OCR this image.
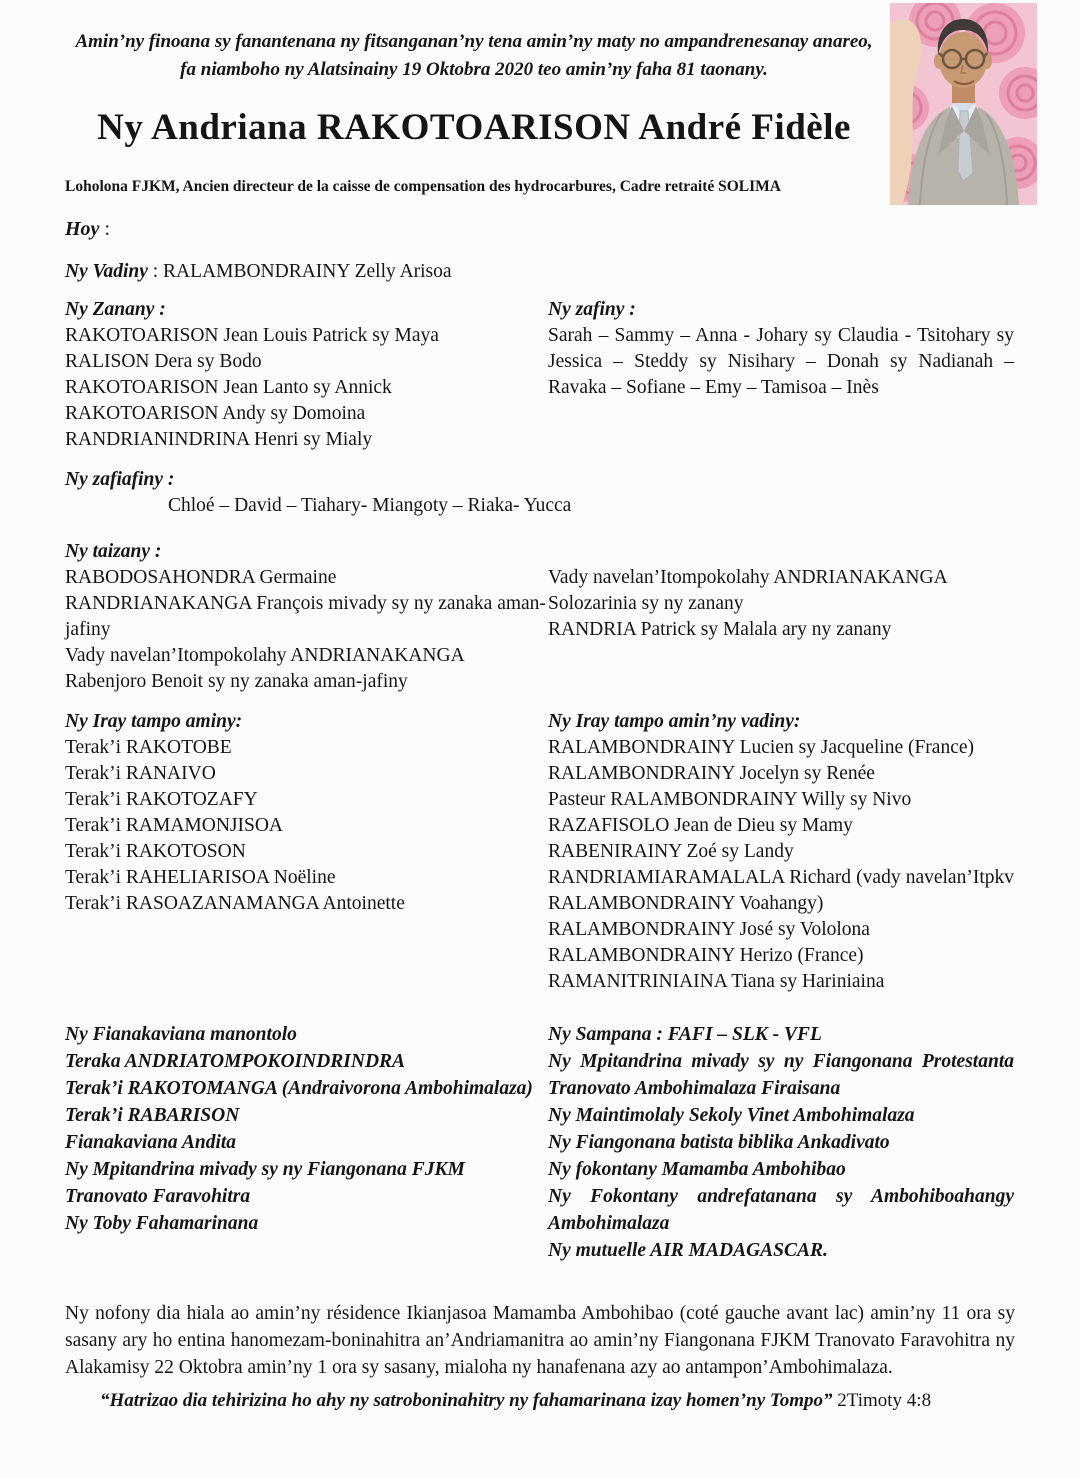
Amin’ny finoana sy fanantenana ny fitsanganan’ny tena amin’ny maty no ampandrenesanay anareo,
fa niamboho ny Alatsinainy 19 Oktobra 2020 teo amin’ny faha 81 taonany.
Ny Andriana RAKOTOARISON André Fidèle
Loholona FJKM, Ancien directeur de la caisse de compensation des hydrocarbures, Cadre retraité SOLIMA
Hoy :
Ny Vadiny : RALAMBONDRAINY Zelly Arisoa
Ny Zanany :
RAKOTOARISON Jean Louis Patrick sy Maya
RALISON Dera sy Bodo
RAKOTOARISON Jean Lanto sy Annick
RAKOTOARISON Andy sy Domoina
RANDRIANINDRINA Henri sy Mialy
Ny zafiny :
Sarah – Sammy – Anna - Johary sy Claudia - Tsitohary sy Jessica – Steddy sy Nisihary – Donah sy Nadianah – Ravaka – Sofiane – Emy – Tamisoa – Inès
Ny zafiafiny :
Chloé – David – Tiahary- Miangoty – Riaka- Yucca
Ny taizany :
RABODOSAHONDRA Germaine
RANDRIANAKANGA François mivady sy ny zanaka aman-jafiny
Vady navelan’Itompokolahy ANDRIANAKANGA Rabenjoro Benoit sy ny zanaka aman-jafiny
Vady navelan’Itompokolahy ANDRIANAKANGA Solozarinia sy ny zanany
RANDRIA Patrick sy Malala ary ny zanany
Ny Iray tampo aminy:
Terak’i RAKOTOBE
Terak’i RANAIVO
Terak’i RAKOTOZAFY
Terak’i RAMAMONJISOA
Terak’i RAKOTOSON
Terak’i RAHELIARISOA Noëline
Terak’i RASOAZANAMANGA Antoinette
Ny Iray tampo amin’ny vadiny:
RALAMBONDRAINY Lucien sy Jacqueline (France)
RALAMBONDRAINY Jocelyn sy Renée
Pasteur RALAMBONDRAINY Willy sy Nivo
RAZAFISOLO Jean de Dieu sy Mamy
RABENIRAINY Zoé sy Landy
RANDRIAMIARAMALALA Richard (vady navelan’Itpkv RALAMBONDRAINY Voahangy)
RALAMBONDRAINY José sy Vololona
RALAMBONDRAINY Herizo (France)
RAMANITRINIAINA Tiana sy Hariniaina
Ny Fianakaviana manontolo
Teraka ANDRIATOMPOKOINDRINDRA
Terak’i RAKOTOMANGA (Andraivorona Ambohimalaza)
Terak’i RABARISON
Fianakaviana Andita
Ny Mpitandrina mivady sy ny Fiangonana FJKM Tranovato Faravohitra
Ny Toby Fahamarinana
Ny Sampana : FAFI – SLK - VFL
Ny Mpitandrina mivady sy ny Fiangonana Protestanta Tranovato Ambohimalaza Firaisana
Ny Maintimolaly Sekoly Vinet Ambohimalaza
Ny Fiangonana batista biblika Ankadivato
Ny fokontany Mamamba Ambohibao
Ny Fokontany andrefatanana sy Ambohiboahangy Ambohimalaza
Ny mutuelle AIR MADAGASCAR.
Ny nofony dia hiala ao amin’ny résidence Ikianjasoa Mamamba Ambohibao (coté gauche avant lac) amin’ny 11 ora sy sasany ary ho entina hanomezam-boninahitra an’Andriamanitra ao amin’ny Fiangonana FJKM Tranovato Faravohitra ny Alakamisy 22 Oktobra amin’ny 1 ora sy sasany, mialoha ny hanafenana azy ao antampon’Ambohimalaza.
“Hatrizao dia tehirizina ho ahy ny satroboninahitry ny fahamarinana izay homen’ny Tompo” 2Timoty 4:8
